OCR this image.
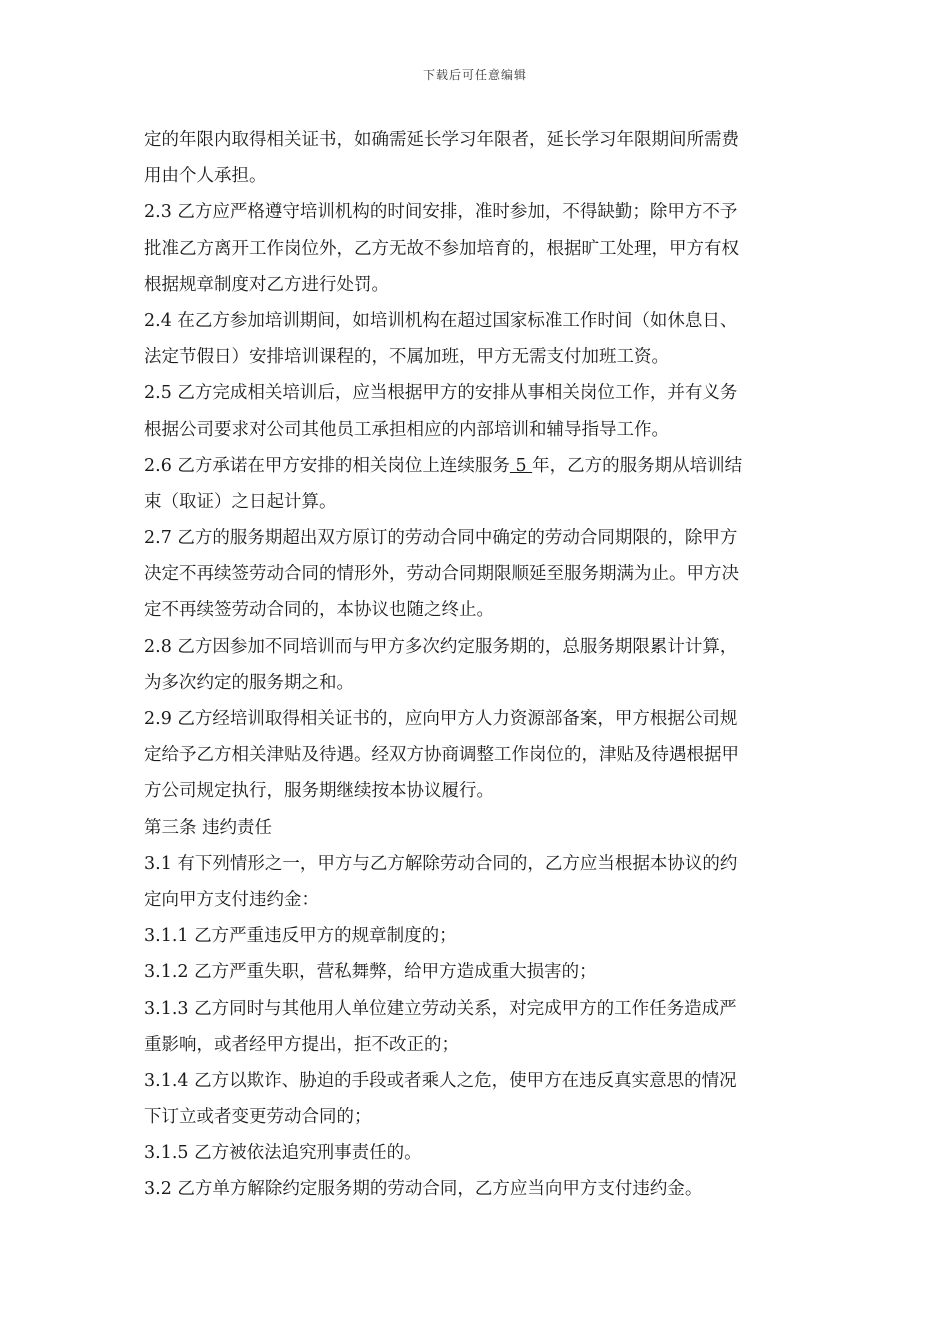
下载后可任意编辑
定的年限内取得相关证书，如确需延长学习年限者，延长学习年限期间所需费
用由个人承担。
2.3 乙方应严格遵守培训机构的时间安排，准时参加，不得缺勤；除甲方不予
批准乙方离开工作岗位外，乙方无故不参加培育的，根据旷工处理，甲方有权
根据规章制度对乙方进行处罚。
2.4 在乙方参加培训期间，如培训机构在超过国家标准工作时间（如休息日、
法定节假日）安排培训课程的，不属加班，甲方无需支付加班工资。
2.5 乙方完成相关培训后，应当根据甲方的安排从事相关岗位工作，并有义务
根据公司要求对公司其他员工承担相应的内部培训和辅导指导工作。
2.6 乙方承诺在甲方安排的相关岗位上连续服务 5 年，乙方的服务期从培训结
束（取证）之日起计算。
2.7 乙方的服务期超出双方原订的劳动合同中确定的劳动合同期限的，除甲方
决定不再续签劳动合同的情形外，劳动合同期限顺延至服务期满为止。甲方决
定不再续签劳动合同的，本协议也随之终止。
2.8 乙方因参加不同培训而与甲方多次约定服务期的，总服务期限累计计算，
为多次约定的服务期之和。
2.9 乙方经培训取得相关证书的，应向甲方人力资源部备案，甲方根据公司规
定给予乙方相关津贴及待遇。经双方协商调整工作岗位的，津贴及待遇根据甲
方公司规定执行，服务期继续按本协议履行。
第三条 违约责任
3.1 有下列情形之一，甲方与乙方解除劳动合同的，乙方应当根据本协议的约
定向甲方支付违约金：
3.1.1 乙方严重违反甲方的规章制度的；
3.1.2 乙方严重失职，营私舞弊，给甲方造成重大损害的；
3.1.3 乙方同时与其他用人单位建立劳动关系，对完成甲方的工作任务造成严
重影响，或者经甲方提出，拒不改正的；
3.1.4 乙方以欺诈、胁迫的手段或者乘人之危，使甲方在违反真实意思的情况
下订立或者变更劳动合同的；
3.1.5 乙方被依法追究刑事责任的。
3.2 乙方单方解除约定服务期的劳动合同，乙方应当向甲方支付违约金。
